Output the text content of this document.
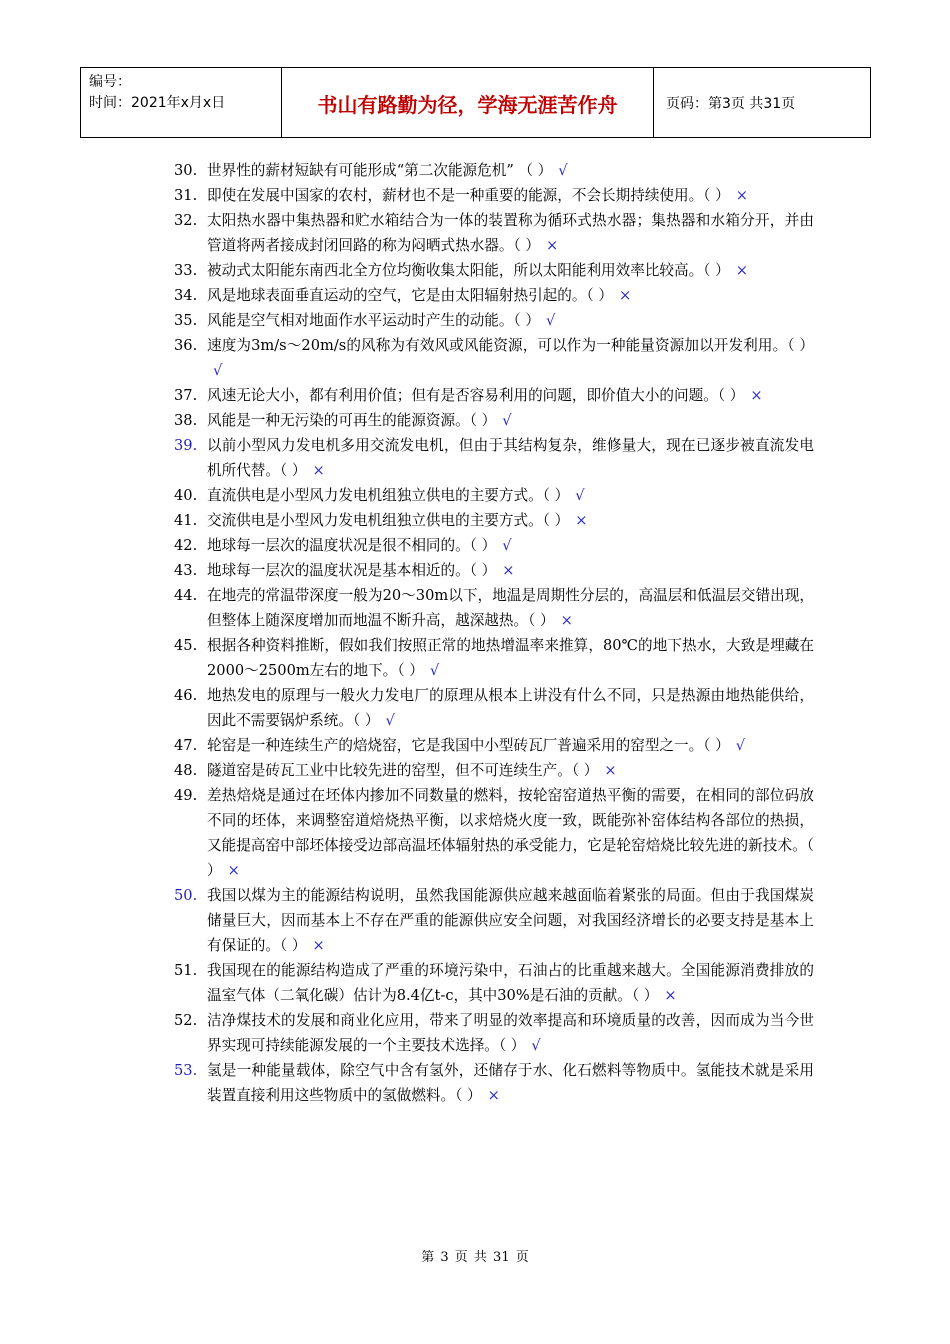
编号：
时间：2021年x月x日	书山有路勤为径，学海无涯苦作舟	页码：第3页 共31页
30. 世界性的薪材短缺有可能形成“第二次能源危机” （ ） √
31. 即使在发展中国家的农村，薪材也不是一种重要的能源，不会长期持续使用。（ ） ×
32. 太阳热水器中集热器和贮水箱结合为一体的装置称为循环式热水器；集热器和水箱分开，并由管道将两者接成封闭回路的称为闷晒式热水器。（ ） ×
33. 被动式太阳能东南西北全方位均衡收集太阳能，所以太阳能利用效率比较高。（ ） ×
34. 风是地球表面垂直运动的空气，它是由太阳辐射热引起的。（ ） ×
35. 风能是空气相对地面作水平运动时产生的动能。（ ） √
36. 速度为3m/s～20m/s的风称为有效风或风能资源，可以作为一种能量资源加以开发利用。（ ）√
37. 风速无论大小，都有利用价值；但有是否容易利用的问题，即价值大小的问题。（ ） ×
38. 风能是一种无污染的可再生的能源资源。（ ） √
39. 以前小型风力发电机多用交流发电机，但由于其结构复杂，维修量大，现在已逐步被直流发电机所代替。（ ） ×
40. 直流供电是小型风力发电机组独立供电的主要方式。（ ） √
41. 交流供电是小型风力发电机组独立供电的主要方式。（ ） ×
42. 地球每一层次的温度状况是很不相同的。（ ） √
43. 地球每一层次的温度状况是基本相近的。（ ） ×
44. 在地壳的常温带深度一般为20～30m以下，地温是周期性分层的，高温层和低温层交错出现，但整体上随深度增加而地温不断升高，越深越热。（ ） ×
45. 根据各种资料推断，假如我们按照正常的地热增温率来推算，80℃的地下热水，大致是埋藏在2000～2500m左右的地下。（ ） √
46. 地热发电的原理与一般火力发电厂的原理从根本上讲没有什么不同，只是热源由地热能供给，因此不需要锅炉系统。（ ） √
47. 轮窑是一种连续生产的焙烧窑，它是我国中小型砖瓦厂普遍采用的窑型之一。（ ） √
48. 隧道窑是砖瓦工业中比较先进的窑型，但不可连续生产。（ ） ×
49. 差热焙烧是通过在坯体内掺加不同数量的燃料，按轮窑窑道热平衡的需要，在相同的部位码放不同的坯体，来调整窑道焙烧热平衡，以求焙烧火度一致，既能弥补窑体结构各部位的热损，又能提高窑中部坯体接受边部高温坯体辐射热的承受能力，它是轮窑焙烧比较先进的新技术。（ ） ×
50. 我国以煤为主的能源结构说明，虽然我国能源供应越来越面临着紧张的局面。但由于我国煤炭储量巨大，因而基本上不存在严重的能源供应安全问题，对我国经济增长的必要支持是基本上有保证的。（ ） ×
51. 我国现在的能源结构造成了严重的环境污染中，石油占的比重越来越大。全国能源消费排放的温室气体（二氧化碳）估计为8.4亿t-c，其中30%是石油的贡献。（ ） ×
52. 洁净煤技术的发展和商业化应用，带来了明显的效率提高和环境质量的改善，因而成为当今世界实现可持续能源发展的一个主要技术选择。（ ） √
53. 氢是一种能量载体，除空气中含有氢外，还储存于水、化石燃料等物质中。氢能技术就是采用装置直接利用这些物质中的氢做燃料。（ ） ×
第 3 页 共 31 页
